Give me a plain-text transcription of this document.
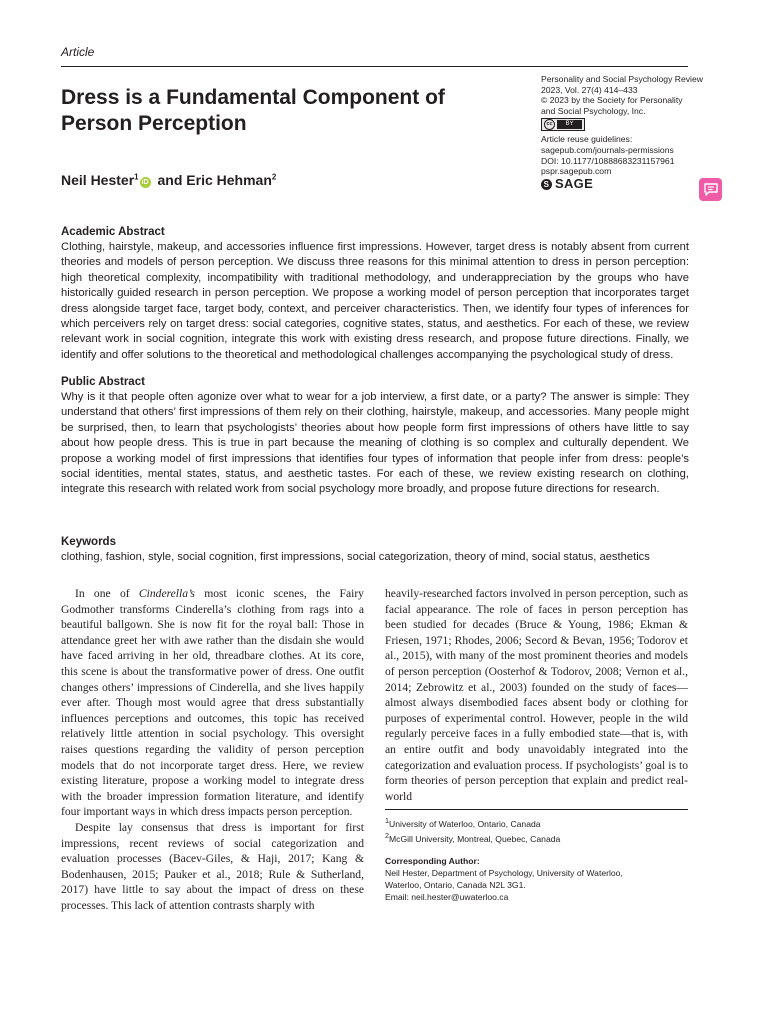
Article
Dress is a Fundamental Component of Person Perception
Personality and Social Psychology Review
2023, Vol. 27(4) 414–433
© 2023 by the Society for Personality
and Social Psychology, Inc.
cc	BY
Article reuse guidelines:
sagepub.com/journals-permissions
DOI: 10.1177/10888683231157961
pspr.sagepub.com
S SAGE
Neil Hester$^1$iD and Eric Hehman$^2$
Academic Abstract
Clothing, hairstyle, makeup, and accessories influence first impressions. However, target dress is notably absent from current theories and models of person perception. We discuss three reasons for this minimal attention to dress in person perception: high theoretical complexity, incompatibility with traditional methodology, and underappreciation by the groups who have historically guided research in person perception. We propose a working model of person perception that incorporates target dress alongside target face, target body, context, and perceiver characteristics. Then, we identify four types of inferences for which perceivers rely on target dress: social categories, cognitive states, status, and aesthetics. For each of these, we review relevant work in social cognition, integrate this work with existing dress research, and propose future directions. Finally, we identify and offer solutions to the theoretical and methodological challenges accompanying the psychological study of dress.
Public Abstract
Why is it that people often agonize over what to wear for a job interview, a first date, or a party? The answer is simple: They understand that others’ first impressions of them rely on their clothing, hairstyle, makeup, and accessories. Many people might be surprised, then, to learn that psychologists’ theories about how people form first impressions of others have little to say about how people dress. This is true in part because the meaning of clothing is so complex and culturally dependent. We propose a working model of first impressions that identifies four types of information that people infer from dress: people’s social identities, mental states, status, and aesthetic tastes. For each of these, we review existing research on clothing, integrate this research with related work from social psychology more broadly, and propose future directions for research.
Keywords
clothing, fashion, style, social cognition, first impressions, social categorization, theory of mind, social status, aesthetics

In one of Cinderella’s most iconic scenes, the Fairy Godmother transforms Cinderella’s clothing from rags into a beautiful ballgown. She is now fit for the royal ball: Those in attendance greet her with awe rather than the disdain she would have faced arriving in her old, threadbare clothes. At its core, this scene is about the transformative power of dress. One outfit changes others’ impressions of Cinderella, and she lives happily ever after. Though most would agree that dress substantially influences perceptions and outcomes, this topic has received relatively little attention in social psychology. This oversight raises questions regarding the validity of person perception models that do not incorporate target dress. Here, we review existing literature, propose a working model to integrate dress with the broader impression formation literature, and identify four important ways in which dress impacts person perception.

Despite lay consensus that dress is important for first impressions, recent reviews of social categorization and evaluation processes (Bacev-Giles, & Haji, 2017; Kang & Bodenhausen, 2015; Pauker et al., 2018; Rule & Sutherland, 2017) have little to say about the impact of dress on these processes. This lack of attention contrasts sharply with

heavily-researched factors involved in person perception, such as facial appearance. The role of faces in person perception has been studied for decades (Bruce & Young, 1986; Ekman & Friesen, 1971; Rhodes, 2006; Secord & Bevan, 1956; Todorov et al., 2015), with many of the most prominent theories and models of person perception (Oosterhof & Todorov, 2008; Vernon et al., 2014; Zebrowitz et al., 2003) founded on the study of faces—almost always disembodied faces absent body or clothing for purposes of experimental control. However, people in the wild regularly perceive faces in a fully embodied state—that is, with an entire outfit and body unavoidably integrated into the categorization and evaluation process. If psychologists’ goal is to form theories of person perception that explain and predict real-world

$^1$University of Waterloo, Ontario, Canada
$^2$McGill University, Montreal, Quebec, Canada
Corresponding Author:
Neil Hester, Department of Psychology, University of Waterloo,
Waterloo, Ontario, Canada N2L 3G1.
Email: neil.hester@uwaterloo.ca
